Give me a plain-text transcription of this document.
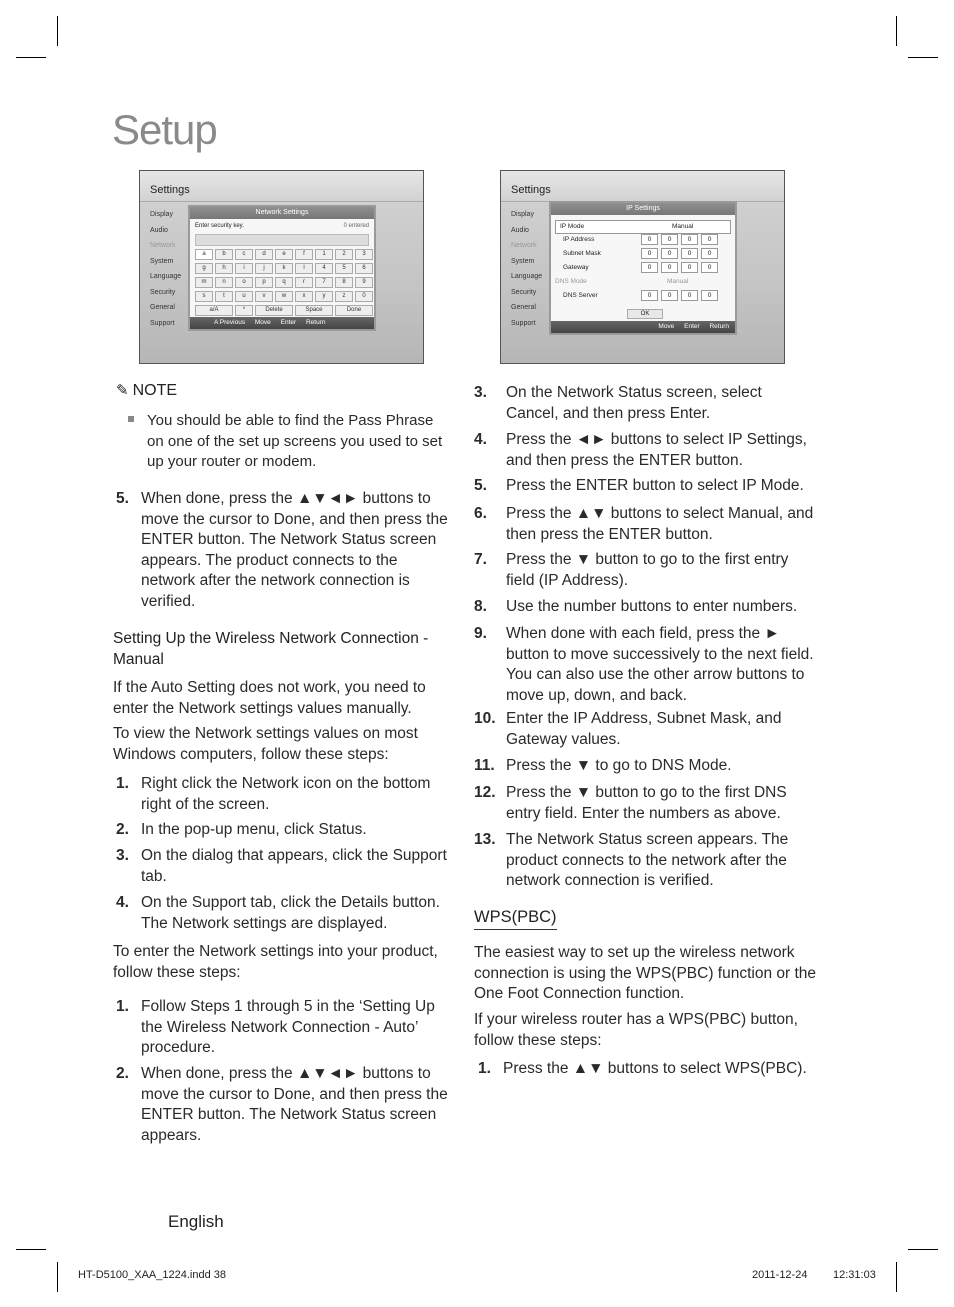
Setup
Settings
Display
Audio
Network
System
Language
Security
General
Support
Network Settings
Enter security key.	0 entered
a	b	c	d	e	f	1	2	3
g	h	i	j	k	l	4	5	6
m	n	o	p	q	r	7	8	9
s	t	u	v	w	x	y	z	0
a/A	*	Delete	Space	Done
A Previous Move Enter Return
Settings
Display
Audio
Network
System
Language
Security
General
Support
IP Settings
IP Mode	Manual
IP Address	0	0	0	0
Subnet Mask	0	0	0	0
Gateway	0	0	0	0
DNS Mode	Manual
DNS Server	0	0	0	0
OK
Move Enter Return
✎ NOTE
You should be able to find the Pass Phrase on one of the set up screens you used to set up your router or modem.
5. When done, press the ▲▼◄► buttons to move the cursor to Done, and then press the ENTER button. The Network Status screen appears. The product connects to the network after the network connection is verified.
Setting Up the Wireless Network Connection - Manual
If the Auto Setting does not work, you need to enter the Network settings values manually.
To view the Network settings values on most Windows computers, follow these steps:
1. Right click the Network icon on the bottom right of the screen.
2. In the pop-up menu, click Status.
3. On the dialog that appears, click the Support tab.
4. On the Support tab, click the Details button. The Network settings are displayed.
To enter the Network settings into your product, follow these steps:
1. Follow Steps 1 through 5 in the ‘Setting Up the Wireless Network Connection - Auto’ procedure.
2. When done, press the ▲▼◄► buttons to move the cursor to Done, and then press the ENTER button. The Network Status screen appears.
3. On the Network Status screen, select Cancel, and then press Enter.
4. Press the ◄► buttons to select IP Settings, and then press the ENTER button.
5. Press the ENTER button to select IP Mode.
6. Press the ▲▼ buttons to select Manual, and then press the ENTER button.
7. Press the ▼ button to go to the first entry field (IP Address).
8. Use the number buttons to enter numbers.
9. When done with each field, press the ► button to move successively to the next field. You can also use the other arrow buttons to move up, down, and back.
10. Enter the IP Address, Subnet Mask, and Gateway values.
11. Press the ▼ to go to DNS Mode.
12. Press the ▼ button to go to the first DNS entry field. Enter the numbers as above.
13. The Network Status screen appears. The product connects to the network after the network connection is verified.
WPS(PBC)
The easiest way to set up the wireless network connection is using the WPS(PBC) function or the One Foot Connection function.
If your wireless router has a WPS(PBC) button, follow these steps:
1. Press the ▲▼ buttons to select WPS(PBC).
English
HT-D5100_XAA_1224.indd 38	2011-12-24 12:31:03
